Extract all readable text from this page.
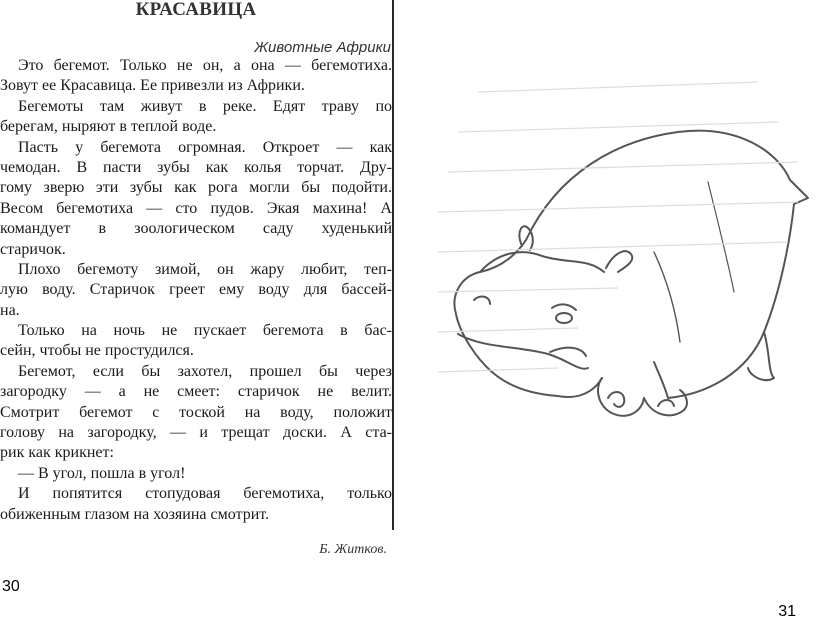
КРАСАВИЦА
Животные Африки
Это бегемот. Только не он, а она — бегемотиха.
Зовут ее Красавица. Ее привезли из Африки.
Бегемоты там живут в реке. Едят траву по
берегам, ныряют в теплой воде.
Пасть у бегемота огромная. Откроет — как
чемодан. В пасти зубы как колья торчат. Дру-
гому зверю эти зубы как рога могли бы подойти.
Весом бегемотиха — сто пудов. Экая махина! А
командует в зоологическом саду худенький
старичок.
Плохо бегемоту зимой, он жару любит, теп-
лую воду. Старичок греет ему воду для бассей-
на.
Только на ночь не пускает бегемота в бас-
сейн, чтобы не простудился.
Бегемот, если бы захотел, прошел бы через
загородку — а не смеет: старичок не велит.
Смотрит бегемот с тоской на воду, положит
голову на загородку, — и трещат доски. А ста-
рик как крикнет:
— В угол, пошла в угол!
И попятится стопудовая бегемотиха, только
обиженным глазом на хозяина смотрит.
Б. Житков.
30
31
